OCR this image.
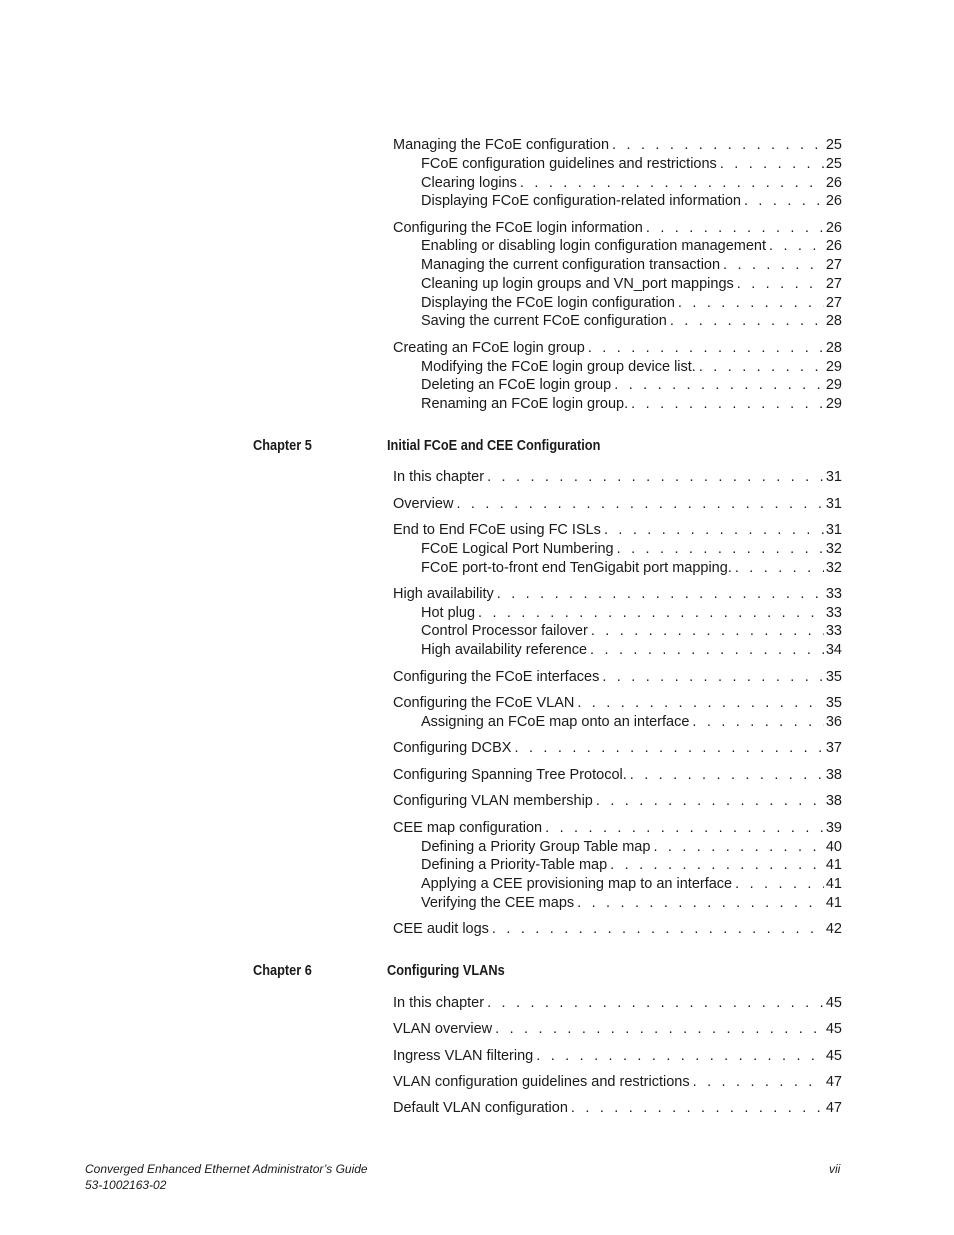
Managing the FCoE configuration . . .	25
FCoE configuration guidelines and restrictions . . .	25
Clearing logins . . .	26
Displaying FCoE configuration-related information . . .	26
Configuring the FCoE login information . . .	26
Enabling or disabling login configuration management . . .	26
Managing the current configuration transaction . . .	27
Cleaning up login groups and VN_port mappings . . .	27
Displaying the FCoE login configuration . . .	27
Saving the current FCoE configuration . . .	28
Creating an FCoE login group . . .	28
Modifying the FCoE login group device list. . . .	29
Deleting an FCoE login group . . .	29
Renaming an FCoE login group. . . .	29
Chapter 5	Initial FCoE and CEE Configuration
In this chapter . . .	31
Overview . . .	31
End to End FCoE using FC ISLs . . .	31
FCoE Logical Port Numbering . . .	32
FCoE port-to-front end TenGigabit port mapping. . . .	32
High availability . . .	33
Hot plug . . .	33
Control Processor failover . . .	33
High availability reference . . .	34
Configuring the FCoE interfaces . . .	35
Configuring the FCoE VLAN . . .	35
Assigning an FCoE map onto an interface . . .	36
Configuring DCBX . . .	37
Configuring Spanning Tree Protocol. . . .	38
Configuring VLAN membership . . .	38
CEE map configuration . . .	39
Defining a Priority Group Table map . . .	40
Defining a Priority-Table map . . .	41
Applying a CEE provisioning map to an interface . . .	41
Verifying the CEE maps . . .	41
CEE audit logs . . .	42
Chapter 6	Configuring VLANs
In this chapter . . .	45
VLAN overview . . .	45
Ingress VLAN filtering . . .	45
VLAN configuration guidelines and restrictions . . .	47
Default VLAN configuration . . .	47
Converged Enhanced Ethernet Administrator’s Guide
53-1002163-02
vii
